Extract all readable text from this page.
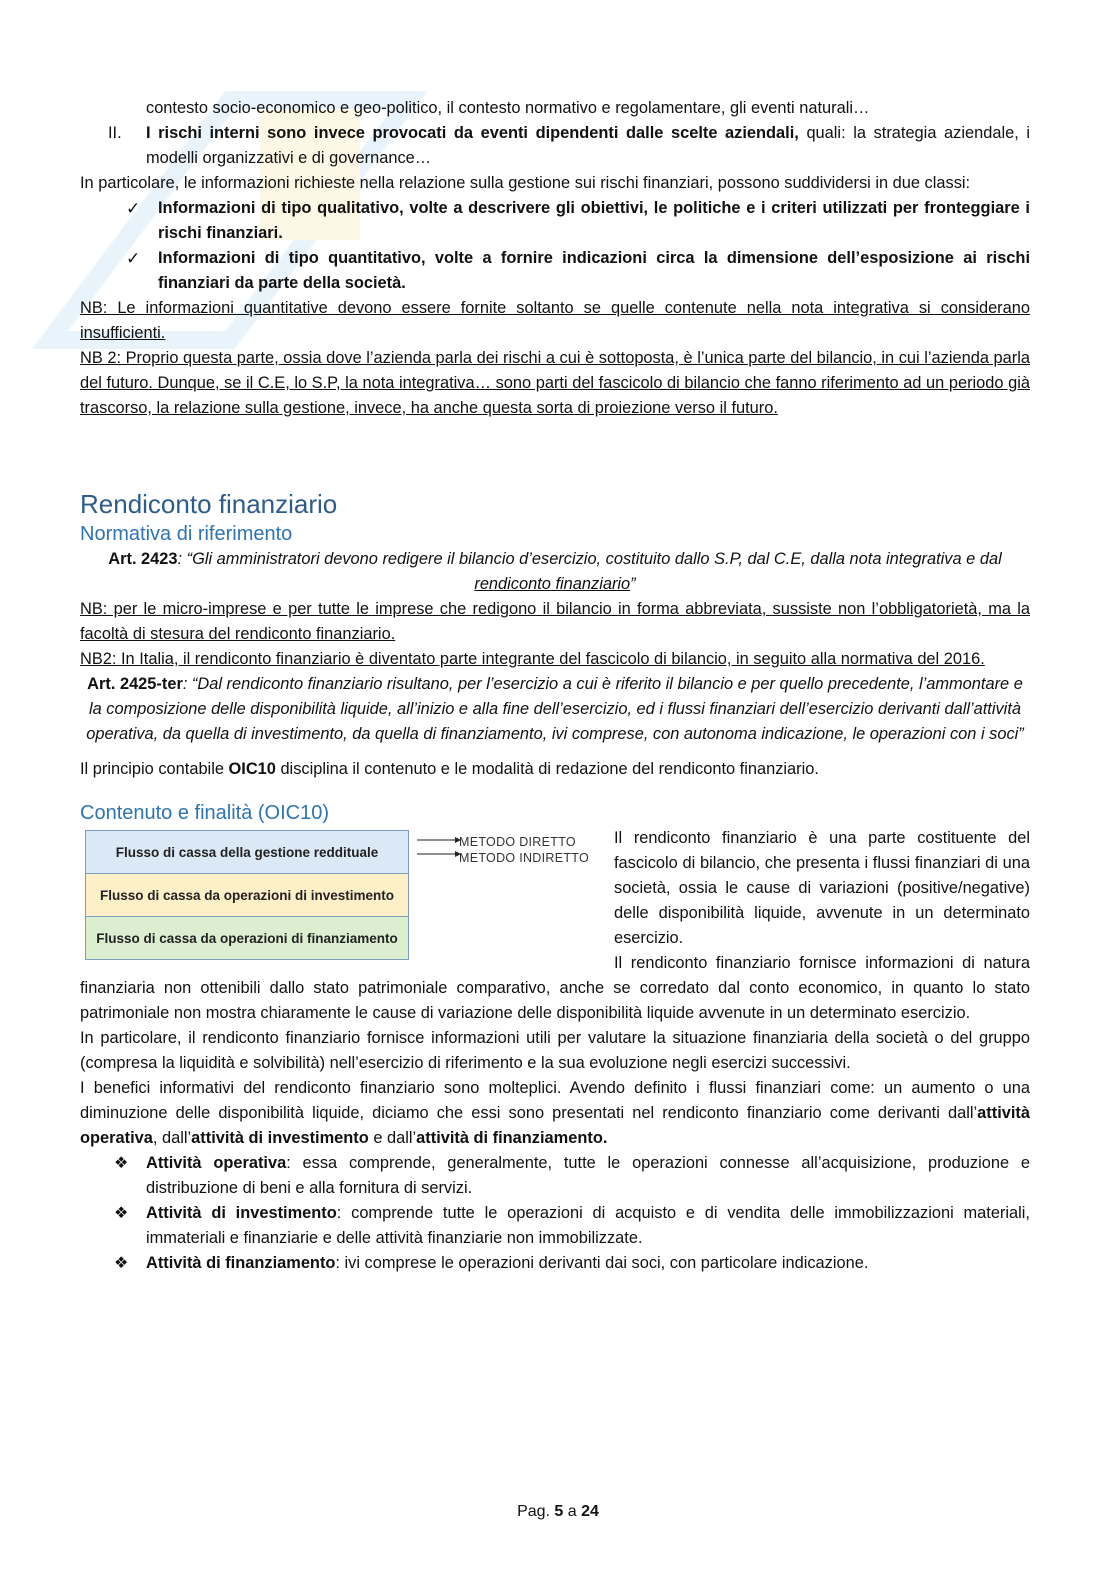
contesto socio-economico e geo-politico, il contesto normativo e regolamentare, gli eventi naturali…

II. I rischi interni sono invece provocati da eventi dipendenti dalle scelte aziendali, quali: la strategia aziendale, i modelli organizzativi e di governance…

In particolare, le informazioni richieste nella relazione sulla gestione sui rischi finanziari, possono suddividersi in due classi:

✓ Informazioni di tipo qualitativo, volte a descrivere gli obiettivi, le politiche e i criteri utilizzati per fronteggiare i rischi finanziari.

✓ Informazioni di tipo quantitativo, volte a fornire indicazioni circa la dimensione dell’esposizione ai rischi finanziari da parte della società.

NB: Le informazioni quantitative devono essere fornite soltanto se quelle contenute nella nota integrativa si considerano insufficienti.

NB 2: Proprio questa parte, ossia dove l’azienda parla dei rischi a cui è sottoposta, è l’unica parte del bilancio, in cui l’azienda parla del futuro. Dunque, se il C.E, lo S.P, la nota integrativa… sono parti del fascicolo di bilancio che fanno riferimento ad un periodo già trascorso, la relazione sulla gestione, invece, ha anche questa sorta di proiezione verso il futuro.

Rendiconto finanziario
Normativa di riferimento

Art. 2423: “Gli amministratori devono redigere il bilancio d’esercizio, costituito dallo S.P, dal C.E, dalla nota integrativa e dal rendiconto finanziario”

NB: per le micro-imprese e per tutte le imprese che redigono il bilancio in forma abbreviata, sussiste non l’obbligatorietà, ma la facoltà di stesura del rendiconto finanziario.

NB2: In Italia, il rendiconto finanziario è diventato parte integrante del fascicolo di bilancio, in seguito alla normativa del 2016.

Art. 2425-ter: “Dal rendiconto finanziario risultano, per l’esercizio a cui è riferito il bilancio e per quello precedente, l’ammontare e la composizione delle disponibilità liquide, all’inizio e alla fine dell’esercizio, ed i flussi finanziari dell’esercizio derivanti dall’attività operativa, da quella di investimento, da quella di finanziamento, ivi comprese, con autonoma indicazione, le operazioni con i soci”

Il principio contabile OIC10 disciplina il contenuto e le modalità di redazione del rendiconto finanziario.

Contenuto e finalità (OIC10)
Flusso di cassa della gestione reddituale
Flusso di cassa da operazioni di investimento
Flusso di cassa da operazioni di finanziamento
METODO DIRETTO
METODO INDIRETTO

Il rendiconto finanziario è una parte costituente del fascicolo di bilancio, che presenta i flussi finanziari di una società, ossia le cause di variazioni (positive/negative) delle disponibilità liquide, avvenute in un determinato esercizio.

Il rendiconto finanziario fornisce informazioni di natura finanziaria non ottenibili dallo stato patrimoniale comparativo, anche se corredato dal conto economico, in quanto lo stato patrimoniale non mostra chiaramente le cause di variazione delle disponibilità liquide avvenute in un determinato esercizio.

In particolare, il rendiconto finanziario fornisce informazioni utili per valutare la situazione finanziaria della società o del gruppo (compresa la liquidità e solvibilità) nell’esercizio di riferimento e la sua evoluzione negli esercizi successivi.

I benefici informativi del rendiconto finanziario sono molteplici. Avendo definito i flussi finanziari come: un aumento o una diminuzione delle disponibilità liquide, diciamo che essi sono presentati nel rendiconto finanziario come derivanti dall’attività operativa, dall’attività di investimento e dall’attività di finanziamento.

❖ Attività operativa: essa comprende, generalmente, tutte le operazioni connesse all’acquisizione, produzione e distribuzione di beni e alla fornitura di servizi.

❖ Attività di investimento: comprende tutte le operazioni di acquisto e di vendita delle immobilizzazioni materiali, immateriali e finanziarie e delle attività finanziarie non immobilizzate.

❖ Attività di finanziamento: ivi comprese le operazioni derivanti dai soci, con particolare indicazione.

Pag. 5 a 24
